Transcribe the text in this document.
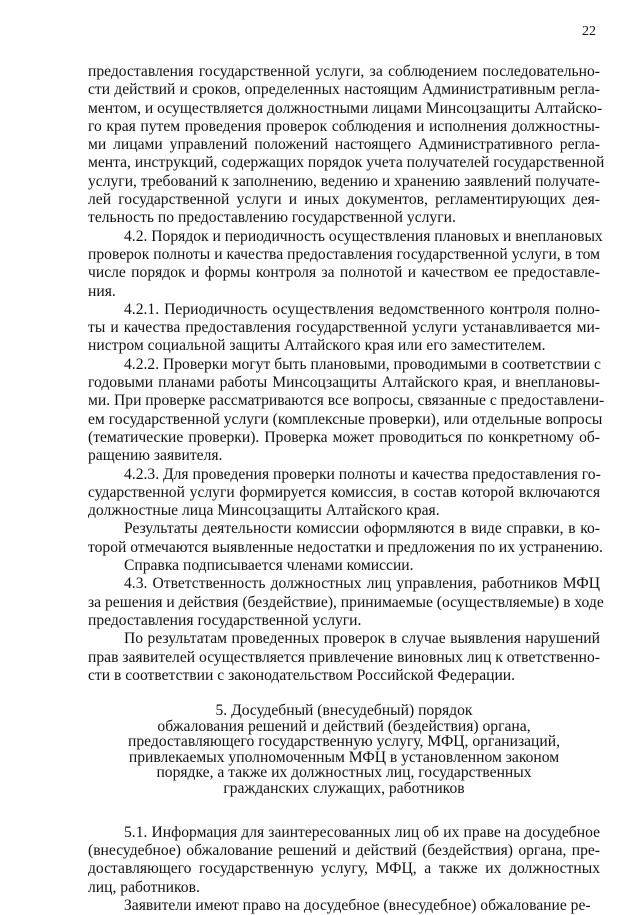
22
предоставления государственной услуги, за соблюдением последовательно-
сти действий и сроков, определенных настоящим Административным регла-
ментом, и осуществляется должностными лицами Минсоцзащиты Алтайско-
го края путем проведения проверок соблюдения и исполнения должностны-
ми лицами управлений положений настоящего Административного регла-
мента, инструкций, содержащих порядок учета получателей государственной
услуги, требований к заполнению, ведению и хранению заявлений получате-
лей государственной услуги и иных документов, регламентирующих дея-
тельность по предоставлению государственной услуги.
4.2. Порядок и периодичность осуществления плановых и внеплановых
проверок полноты и качества предоставления государственной услуги, в том
числе порядок и формы контроля за полнотой и качеством ее предоставле-
ния.
4.2.1. Периодичность осуществления ведомственного контроля полно-
ты и качества предоставления государственной услуги устанавливается ми-
нистром социальной защиты Алтайского края или его заместителем.
4.2.2. Проверки могут быть плановыми, проводимыми в соответствии с
годовыми планами работы Минсоцзащиты Алтайского края, и внеплановы-
ми. При проверке рассматриваются все вопросы, связанные с предоставлени-
ем государственной услуги (комплексные проверки), или отдельные вопросы
(тематические проверки). Проверка может проводиться по конкретному об-
ращению заявителя.
4.2.3. Для проведения проверки полноты и качества предоставления го-
сударственной услуги формируется комиссия, в состав которой включаются
должностные лица Минсоцзащиты Алтайского края.
Результаты деятельности комиссии оформляются в виде справки, в ко-
торой отмечаются выявленные недостатки и предложения по их устранению.
Справка подписывается членами комиссии.
4.3. Ответственность должностных лиц управления, работников МФЦ
за решения и действия (бездействие), принимаемые (осуществляемые) в ходе
предоставления государственной услуги.
По результатам проведенных проверок в случае выявления нарушений
прав заявителей осуществляется привлечение виновных лиц к ответственно-
сти в соответствии с законодательством Российской Федерации.
5. Досудебный (внесудебный) порядок
обжалования решений и действий (бездействия) органа,
предоставляющего государственную услугу, МФЦ, организаций,
привлекаемых уполномоченным МФЦ в установленном законом
порядке, а также их должностных лиц, государственных
гражданских служащих, работников
5.1. Информация для заинтересованных лиц об их праве на досудебное
(внесудебное) обжалование решений и действий (бездействия) органа, пре-
доставляющего государственную услугу, МФЦ, а также их должностных
лиц, работников.
Заявители имеют право на досудебное (внесудебное) обжалование ре-
